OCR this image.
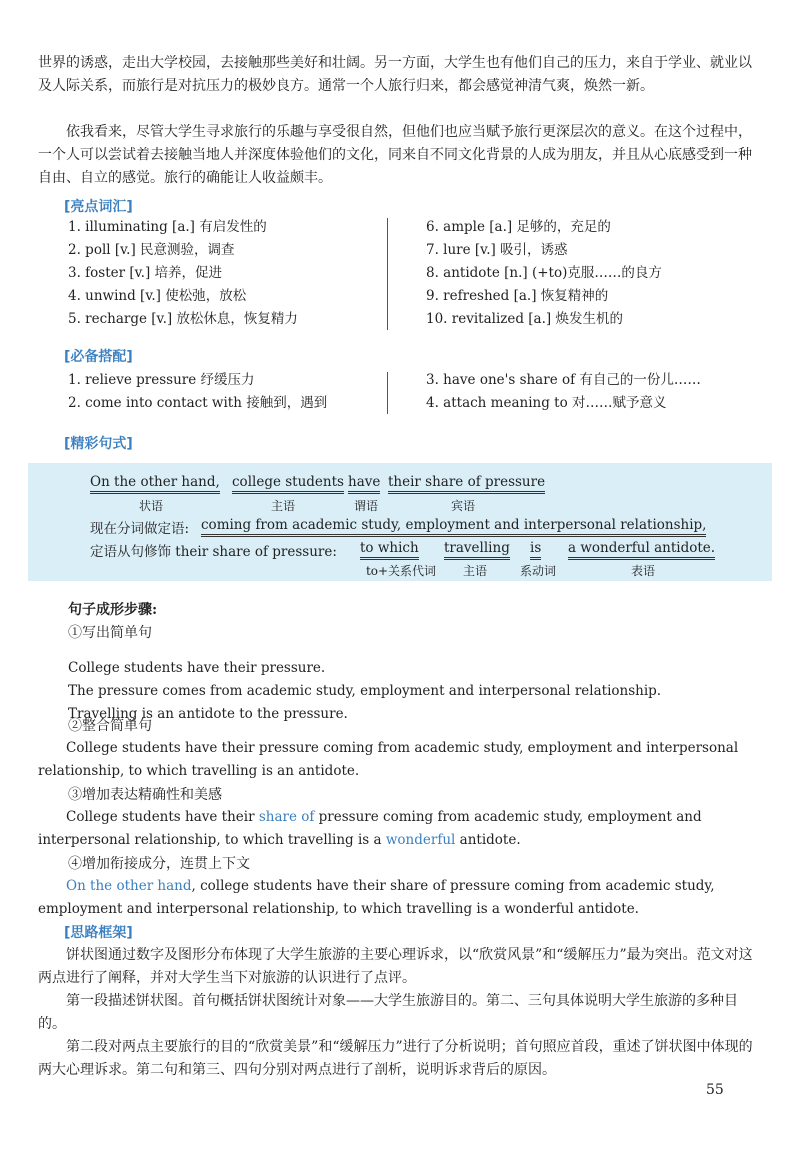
世界的诱惑，走出大学校园，去接触那些美好和壮阔。另一方面，大学生也有他们自己的压力，来自于学业、就业以及人际关系，而旅行是对抗压力的极妙良方。通常一个人旅行归来，都会感觉神清气爽，焕然一新。

依我看来，尽管大学生寻求旅行的乐趣与享受很自然，但他们也应当赋予旅行更深层次的意义。在这个过程中，一个人可以尝试着去接触当地人并深度体验他们的文化，同来自不同文化背景的人成为朋友，并且从心底感受到一种自由、自立的感觉。旅行的确能让人收益颇丰。

[亮点词汇]

1. illuminating [a.] 有启发性的
2. poll [v.] 民意测验，调查
3. foster [v.] 培养，促进
4. unwind [v.] 使松弛，放松
5. recharge [v.] 放松休息，恢复精力
6. ample [a.] 足够的，充足的
7. lure [v.] 吸引，诱惑
8. antidote [n.] (+to)克服……的良方
9. refreshed [a.] 恢复精神的
10. revitalized [a.] 焕发生机的

[必备搭配]

1. relieve pressure 纾缓压力
2. come into contact with 接触到，遇到
3. have one's share of 有自己的一份儿……
4. attach meaning to 对……赋予意义

[精彩句式]

On the other hand,
状语
college students
主语
have
谓语
their share of pressure
宾语
现在分词做定语: coming from academic study, employment and interpersonal relationship,
定语从句修饰 their share of pressure: to which
to+关系代词
travelling
主语
is
系动词
a wonderful antidote.
表语

句子成形步骤:

①写出简单句

College students have their pressure.

The pressure comes from academic study, employment and interpersonal relationship.

Travelling is an antidote to the pressure.

②整合简单句

College students have their pressure coming from academic study, employment and interpersonal relationship, to which travelling is an antidote.

③增加表达精确性和美感

College students have their share of pressure coming from academic study, employment and interpersonal relationship, to which travelling is a wonderful antidote.

④增加衔接成分，连贯上下文

On the other hand, college students have their share of pressure coming from academic study, employment and interpersonal relationship, to which travelling is a wonderful antidote.

[思路框架]

饼状图通过数字及图形分布体现了大学生旅游的主要心理诉求，以“欣赏风景”和“缓解压力”最为突出。范文对这两点进行了阐释，并对大学生当下对旅游的认识进行了点评。

第一段描述饼状图。首句概括饼状图统计对象——大学生旅游目的。第二、三句具体说明大学生旅游的多种目的。

第二段对两点主要旅行的目的“欣赏美景”和“缓解压力”进行了分析说明；首句照应首段，重述了饼状图中体现的两大心理诉求。第二句和第三、四句分别对两点进行了剖析，说明诉求背后的原因。

55
